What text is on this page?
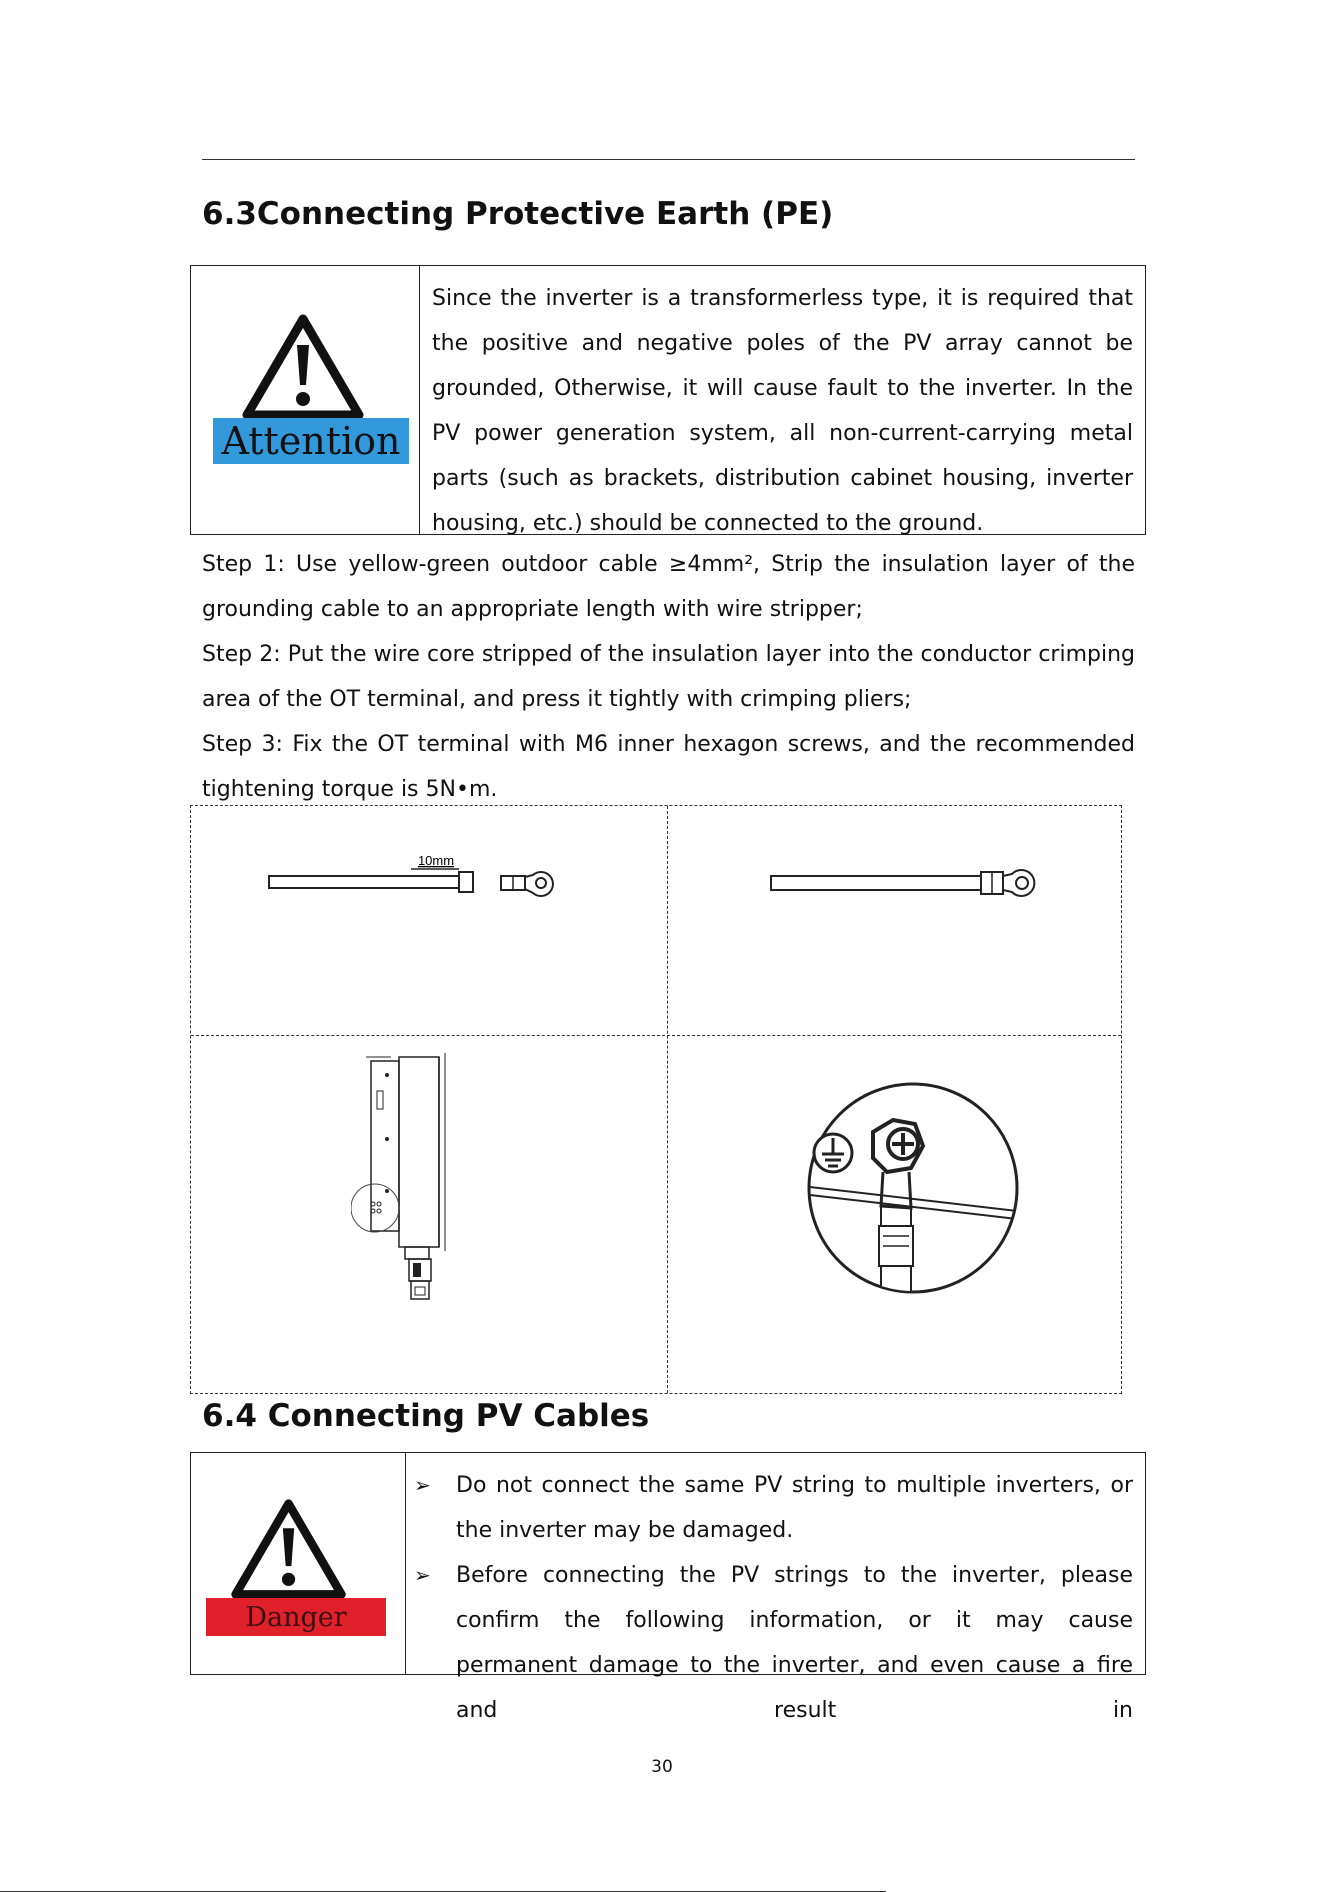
6.3Connecting Protective Earth (PE)
Attention

Since the inverter is a transformerless type, it is required that the positive and negative poles of the PV array cannot be grounded, Otherwise, it will cause fault to the inverter. In the PV power generation system, all non-current-carrying metal parts (such as brackets, distribution cabinet housing, inverter housing, etc.) should be connected to the ground.

Step 1: Use yellow-green outdoor cable ≥4mm², Strip the insulation layer of the grounding cable to an appropriate length with wire stripper;

Step 2: Put the wire core stripped of the insulation layer into the conductor crimping area of the OT terminal, and press it tightly with crimping pliers;

Step 3: Fix the OT terminal with M6 inner hexagon screws, and the recommended tightening torque is 5N•m.

10mm
6.4 Connecting PV Cables
Danger
➢	Do not connect the same PV string to multiple inverters, or the inverter may be damaged.

➢	Before connecting the PV strings to the inverter, please confirm the following information, or it may cause permanent damage to the inverter, and even cause a fire and result in

30
